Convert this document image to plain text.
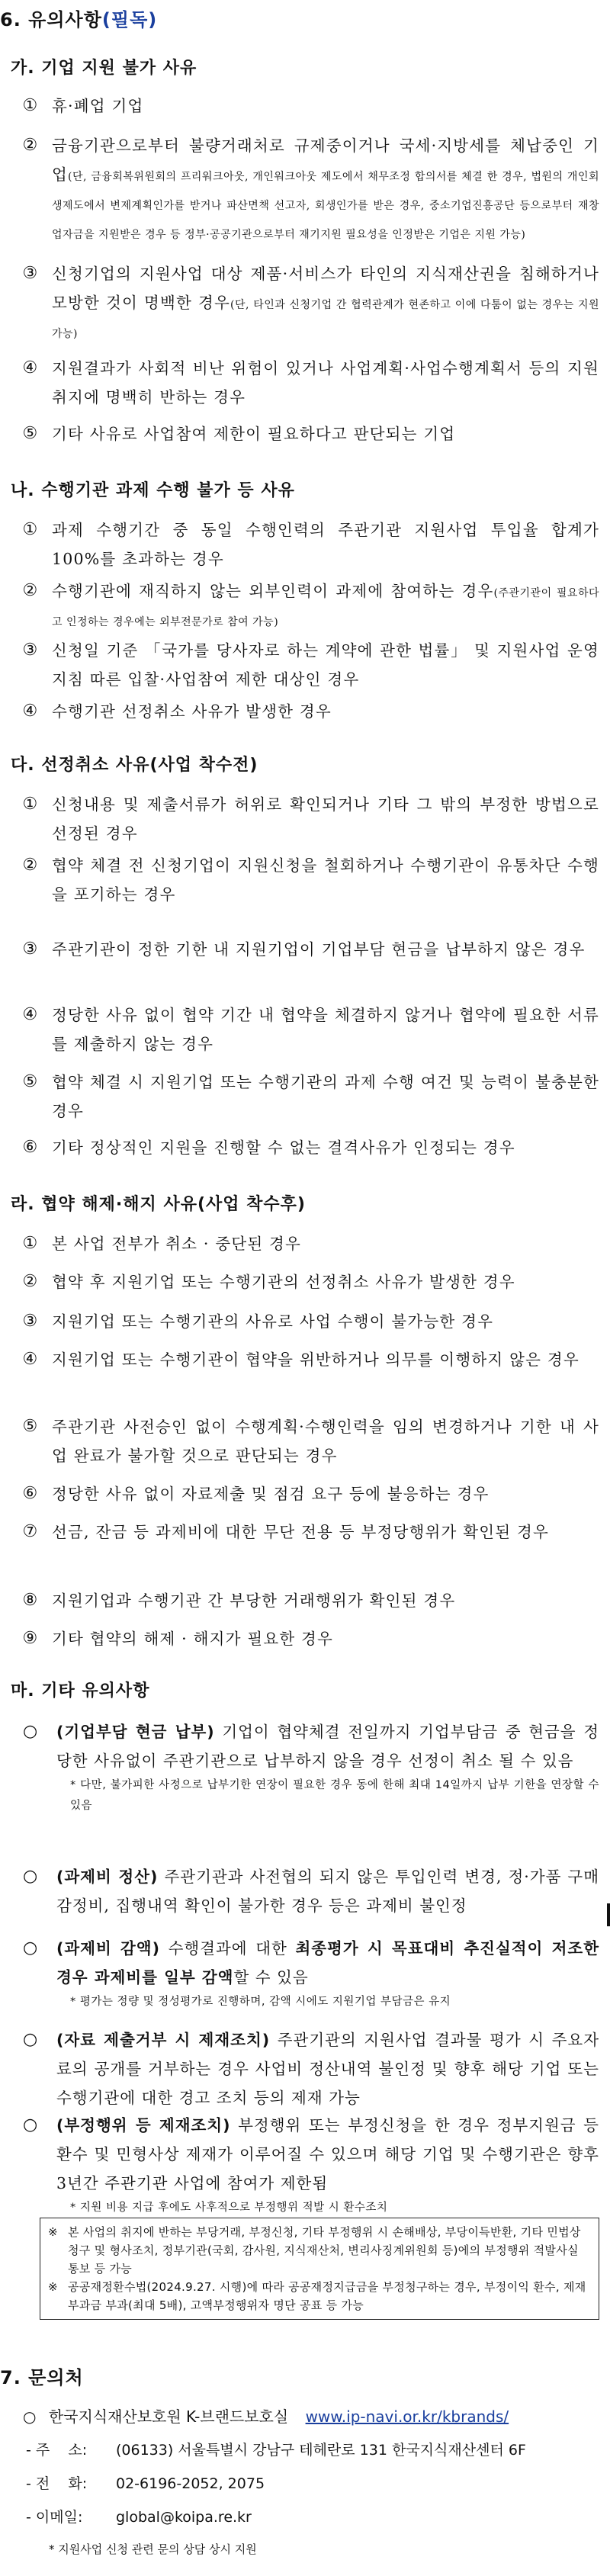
6. 유의사항(필독)
가. 기업 지원 불가 사유
① 휴·폐업 기업
② 금융기관으로부터 불량거래처로 규제중이거나 국세·지방세를 체납중인 기업(단, 금융회복위원회의 프리워크아웃, 개인워크아웃 제도에서 채무조정 합의서를 체결 한 경우, 법원의 개인회생제도에서 변제계획인가를 받거나 파산면책 선고자, 회생인가를 받은 경우, 중소기업진흥공단 등으로부터 재창업자금을 지원받은 경우 등 정부·공공기관으로부터 재기지원 필요성을 인정받은 기업은 지원 가능)
③ 신청기업의 지원사업 대상 제품·서비스가 타인의 지식재산권을 침해하거나 모방한 것이 명백한 경우(단, 타인과 신청기업 간 협력관계가 현존하고 이에 다툼이 없는 경우는 지원 가능)
④ 지원결과가 사회적 비난 위험이 있거나 사업계획·사업수행계획서 등의 지원 취지에 명백히 반하는 경우
⑤ 기타 사유로 사업참여 제한이 필요하다고 판단되는 기업
나. 수행기관 과제 수행 불가 등 사유
① 과제 수행기간 중 동일 수행인력의 주관기관 지원사업 투입율 합계가 100%를 초과하는 경우
② 수행기관에 재직하지 않는 외부인력이 과제에 참여하는 경우(주관기관이 필요하다고 인정하는 경우에는 외부전문가로 참여 가능)
③ 신청일 기준 「국가를 당사자로 하는 계약에 관한 법률」 및 지원사업 운영지침 따른 입찰·사업참여 제한 대상인 경우
④ 수행기관 선정취소 사유가 발생한 경우
다. 선정취소 사유(사업 착수전)
① 신청내용 및 제출서류가 허위로 확인되거나 기타 그 밖의 부정한 방법으로 선정된 경우
② 협약 체결 전 신청기업이 지원신청을 철회하거나 수행기관이 유통차단 수행을 포기하는 경우
③ 주관기관이 정한 기한 내 지원기업이 기업부담 현금을 납부하지 않은 경우
④ 정당한 사유 없이 협약 기간 내 협약을 체결하지 않거나 협약에 필요한 서류를 제출하지 않는 경우
⑤ 협약 체결 시 지원기업 또는 수행기관의 과제 수행 여건 및 능력이 불충분한 경우
⑥ 기타 정상적인 지원을 진행할 수 없는 결격사유가 인정되는 경우
라. 협약 해제·해지 사유(사업 착수후)
① 본 사업 전부가 취소 · 중단된 경우
② 협약 후 지원기업 또는 수행기관의 선정취소 사유가 발생한 경우
③ 지원기업 또는 수행기관의 사유로 사업 수행이 불가능한 경우
④ 지원기업 또는 수행기관이 협약을 위반하거나 의무를 이행하지 않은 경우
⑤ 주관기관 사전승인 없이 수행계획·수행인력을 임의 변경하거나 기한 내 사업 완료가 불가할 것으로 판단되는 경우
⑥ 정당한 사유 없이 자료제출 및 점검 요구 등에 불응하는 경우
⑦ 선금, 잔금 등 과제비에 대한 무단 전용 등 부정당행위가 확인된 경우
⑧ 지원기업과 수행기관 간 부당한 거래행위가 확인된 경우
⑨ 기타 협약의 해제 · 해지가 필요한 경우
마. 기타 유의사항
○ (기업부담 현금 납부) 기업이 협약체결 전일까지 기업부담금 중 현금을 정당한 사유없이 주관기관으로 납부하지 않을 경우 선정이 취소 될 수 있음
* 다만, 불가피한 사정으로 납부기한 연장이 필요한 경우 동에 한해 최대 14일까지 납부 기한을 연장할 수 있음
○ (과제비 정산) 주관기관과 사전협의 되지 않은 투입인력 변경, 정·가품 구매 감정비, 집행내역 확인이 불가한 경우 등은 과제비 불인정
○ (과제비 감액) 수행결과에 대한 최종평가 시 목표대비 추진실적이 저조한 경우 과제비를 일부 감액할 수 있음
* 평가는 정량 및 정성평가로 진행하며, 감액 시에도 지원기업 부담금은 유지
○ (자료 제출거부 시 제재조치) 주관기관의 지원사업 결과물 평가 시 주요자료의 공개를 거부하는 경우 사업비 정산내역 불인정 및 향후 해당 기업 또는 수행기관에 대한 경고 조치 등의 제재 가능
○ (부정행위 등 제재조치) 부정행위 또는 부정신청을 한 경우 정부지원금 등 환수 및 민형사상 제재가 이루어질 수 있으며 해당 기업 및 수행기관은 향후 3년간 주관기관 사업에 참여가 제한됨
* 지원 비용 지급 후에도 사후적으로 부정행위 적발 시 환수조치
※ 본 사업의 취지에 반하는 부당거래, 부정신청, 기타 부정행위 시 손해배상, 부당이득반환, 기타 민법상 청구 및 형사조치, 정부기관(국회, 감사원, 지식재산처, 변리사징계위원회 등)에의 부정행위 적발사실 통보 등 가능
※ 공공재정환수법(2024.9.27. 시행)에 따라 공공재정지급금을 부정청구하는 경우, 부정이익 환수, 제재 부과금 부과(최대 5배), 고액부정행위자 명단 공표 등 가능
7. 문의처
○ 한국지식재산보호원 K-브랜드보호실 www.ip-navi.or.kr/kbrands/
- 주    소: (06133) 서울특별시 강남구 테헤란로 131 한국지식재산센터 6F
- 전    화: 02-6196-2052, 2075
- 이메일: global@koipa.re.kr
* 지원사업 신청 관련 문의 상담 상시 지원
